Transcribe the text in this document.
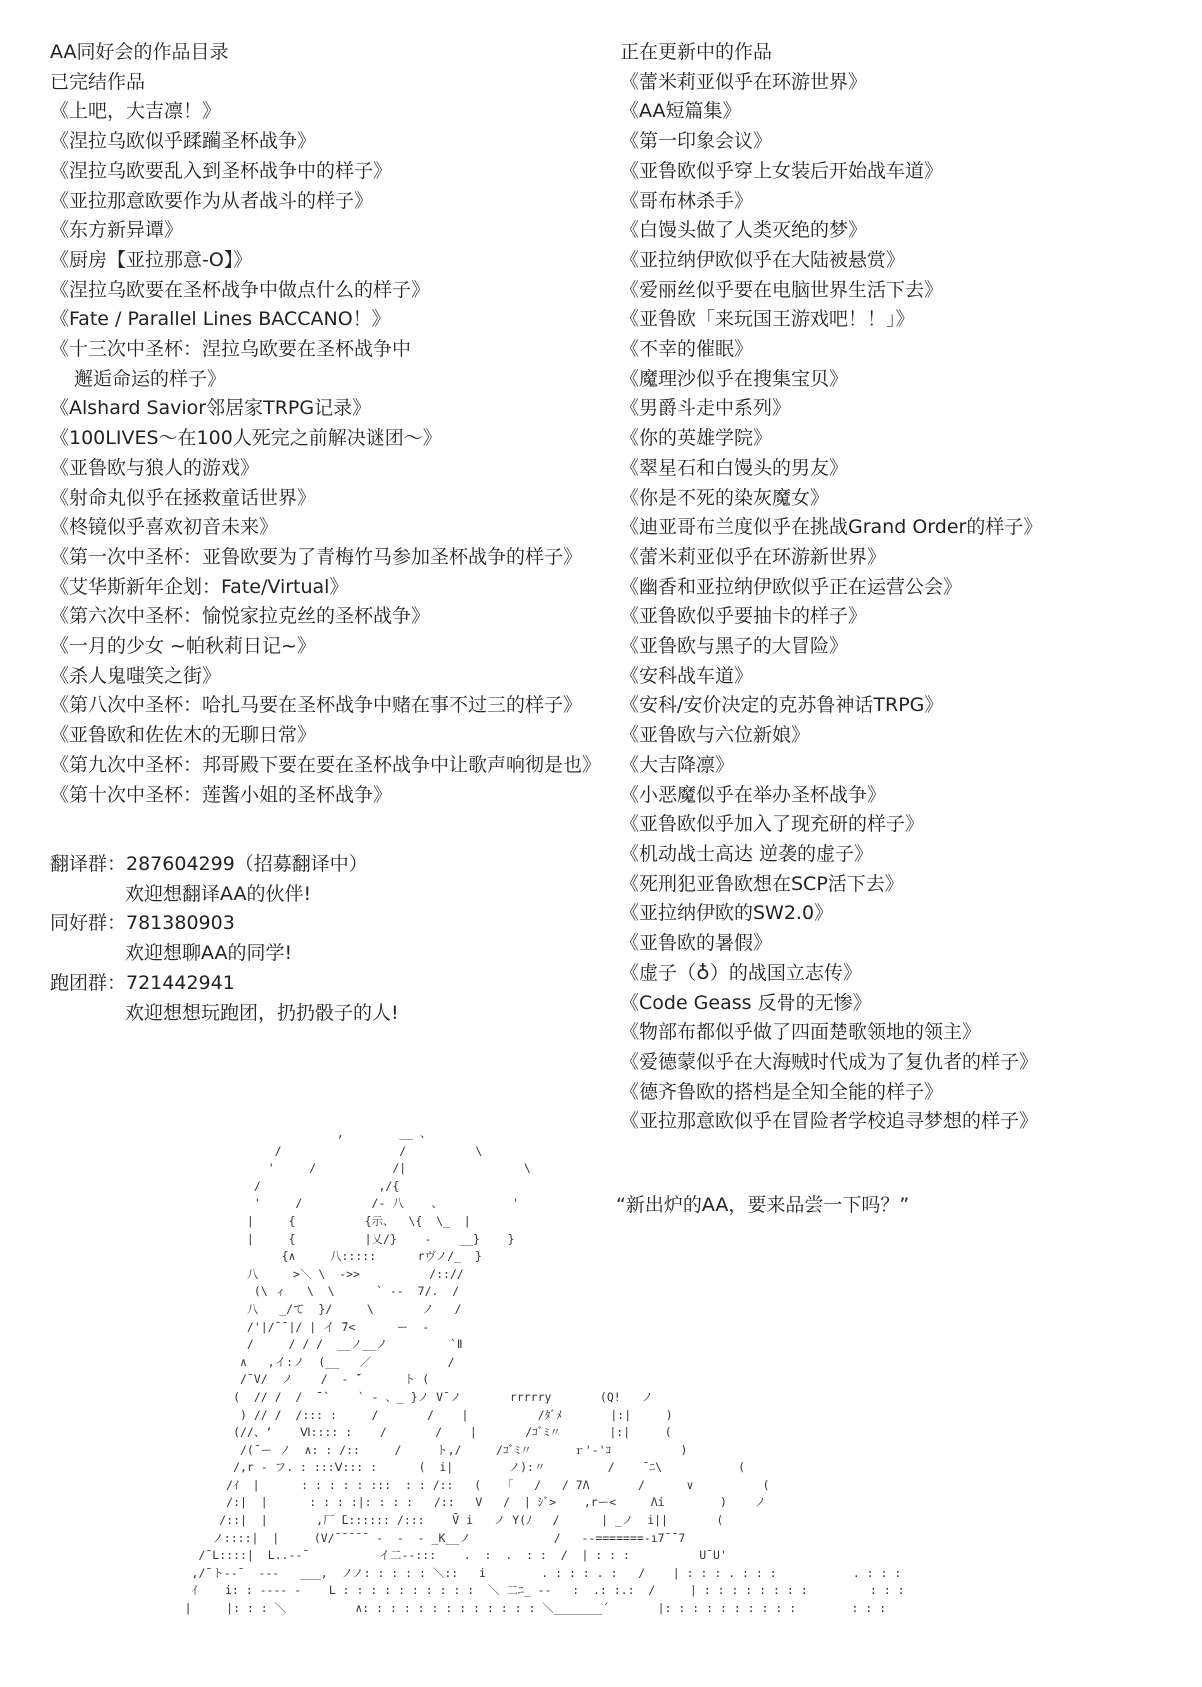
AA同好会的作品目录
已完结作品
《上吧，大吉凛！》
《涅拉乌欧似乎蹂躏圣杯战争》
《涅拉乌欧要乱入到圣杯战争中的样子》
《亚拉那意欧要作为从者战斗的样子》
《东方新异谭》
《厨房【亚拉那意-O】》
《涅拉乌欧要在圣杯战争中做点什么的样子》
《Fate / Parallel Lines BACCANO！》
《十三次中圣杯：涅拉乌欧要在圣杯战争中
邂逅命运的样子》
《Alshard Savior邻居家TRPG记录》
《100LIVES～在100人死完之前解决谜团～》
《亚鲁欧与狼人的游戏》
《射命丸似乎在拯救童话世界》
《柊镜似乎喜欢初音未来》
《第一次中圣杯：亚鲁欧要为了青梅竹马参加圣杯战争的样子》
《艾华斯新年企划：Fate/Virtual》
《第六次中圣杯：愉悦家拉克丝的圣杯战争》
《一月的少女 ~帕秋莉日记~》
《杀人鬼嗤笑之街》
《第八次中圣杯：哈扎马要在圣杯战争中赌在事不过三的样子》
《亚鲁欧和佐佐木的无聊日常》
《第九次中圣杯：邦哥殿下要在要在圣杯战争中让歌声响彻是也》
《第十次中圣杯：莲酱小姐的圣杯战争》
正在更新中的作品
《蕾米莉亚似乎在环游世界》
《AA短篇集》
《第一印象会议》
《亚鲁欧似乎穿上女装后开始战车道》
《哥布林杀手》
《白馒头做了人类灭绝的梦》
《亚拉纳伊欧似乎在大陆被悬赏》
《爱丽丝似乎要在电脑世界生活下去》
《亚鲁欧「来玩国王游戏吧！！」》
《不幸的催眠》
《魔理沙似乎在搜集宝贝》
《男爵斗走中系列》
《你的英雄学院》
《翠星石和白馒头的男友》
《你是不死的染灰魔女》
《迪亚哥布兰度似乎在挑战Grand Order的样子》
《蕾米莉亚似乎在环游新世界》
《幽香和亚拉纳伊欧似乎正在运营公会》
《亚鲁欧似乎要抽卡的样子》
《亚鲁欧与黑子的大冒险》
《安科战车道》
《安科/安价决定的克苏鲁神话TRPG》
《亚鲁欧与六位新娘》
《大吉降凛》
《小恶魔似乎在举办圣杯战争》
《亚鲁欧似乎加入了现充研的样子》
《机动战士高达 逆袭的虚子》
《死刑犯亚鲁欧想在SCP活下去》
《亚拉纳伊欧的SW2.0》
《亚鲁欧的暑假》
《虚子（♁）的战国立志传》
《Code Geass 反骨的无惨》
《物部布都似乎做了四面楚歌领地的领主》
《爱德蒙似乎在大海贼时代成为了复仇者的样子》
《德齐鲁欧的搭档是全知全能的样子》
《亚拉那意欧似乎在冒险者学校追寻梦想的样子》
翻译群：287604299（招募翻译中）
欢迎想翻译AA的伙伴!
同好群：781380903
欢迎想聊AA的同学!
跑团群：721442941
欢迎想想玩跑团，扔扔骰子的人!
“新出炉的AA，要来品尝一下吗？”
,        __ 、
/                 /          \
'     /           /|                 \
/                 ,/{
'     /          /‐ 八    、          '
|     {          {示、  \{  \_  |
|     {          |乂/}    ‐    __}    }
{∧     八:::::      rヴノ/_  }
八     >＼ \  ‐>>          /:://
(\ ィ   \  \      ` ‐‐  7/.  /
八   _/て  }/     \       ノ   /
/'|/¯¯|/ | イ ̄7<      ー  ‐
/     / / /  __ノ__ノ         `Ⅱ
∧   ,イ:ノ  (__   ／           /
/¯V/  ノ    /  ‐ ̄´      ト (
(  // /  /  ̄¯`    ` ‐ 、_ }ノ V¯ノ       rrrrry       (Q!   ノ
) // /  /::: :     /       /    |          /ﾀﾞﾒ       |:|     )
(//、‘    Ⅵ:::: :    /       /    |       /ｺﾞﾐ〃       |:|     (
/(¯ー ノ  ∧: : /::     /     ト,/     /ｺﾞﾐ〃      ｒ'‐'ｺ          )
/,r ‐ フ. : :::Ⅴ::: :      (  i|        ノ):〃         /    ¯ﾆ\           (
/ｲ  |      : : : : : :::  : : /::   (   「   /   / 7Λ       /      ∨          (
/:|  |      : : : :|: : : :   /::   V   /  | ｼﾞ>    ,rー<     Λi        )    ノ
/::|  |       ,厂 ̄L:::::: /:::    V̄ i   ノ Y(ﾉ   /      | _ノ  i||       (
ノ::::|  |     (V/¯¯¯¯¯ ‐  ‐  ‐ _K__ノ            ∕   ‐‐=======‐ı7¯¯7
/¯L::::|  L..‐‐¯          イ二‐-:::    .  :  .  : :  /  | : : :          U¯U'
,/¯ト‐‐¯  ‐‐‐   ___,  ノノ: : : : : ＼::   i        . : : : . :   /    | : : : . : : :           . : : :
ｲ    i: : ‐‐‐‐ ‐    L : : : : : : : : : :  ＼ 二ﾆ_ ‐‐   :  .: :.:  /     | : : : : : : : :         : : :
|     |: : : ＼          ∧: : : : : : : : : : : : : ＼_______´       |: : : : : : : : : :        : : :
